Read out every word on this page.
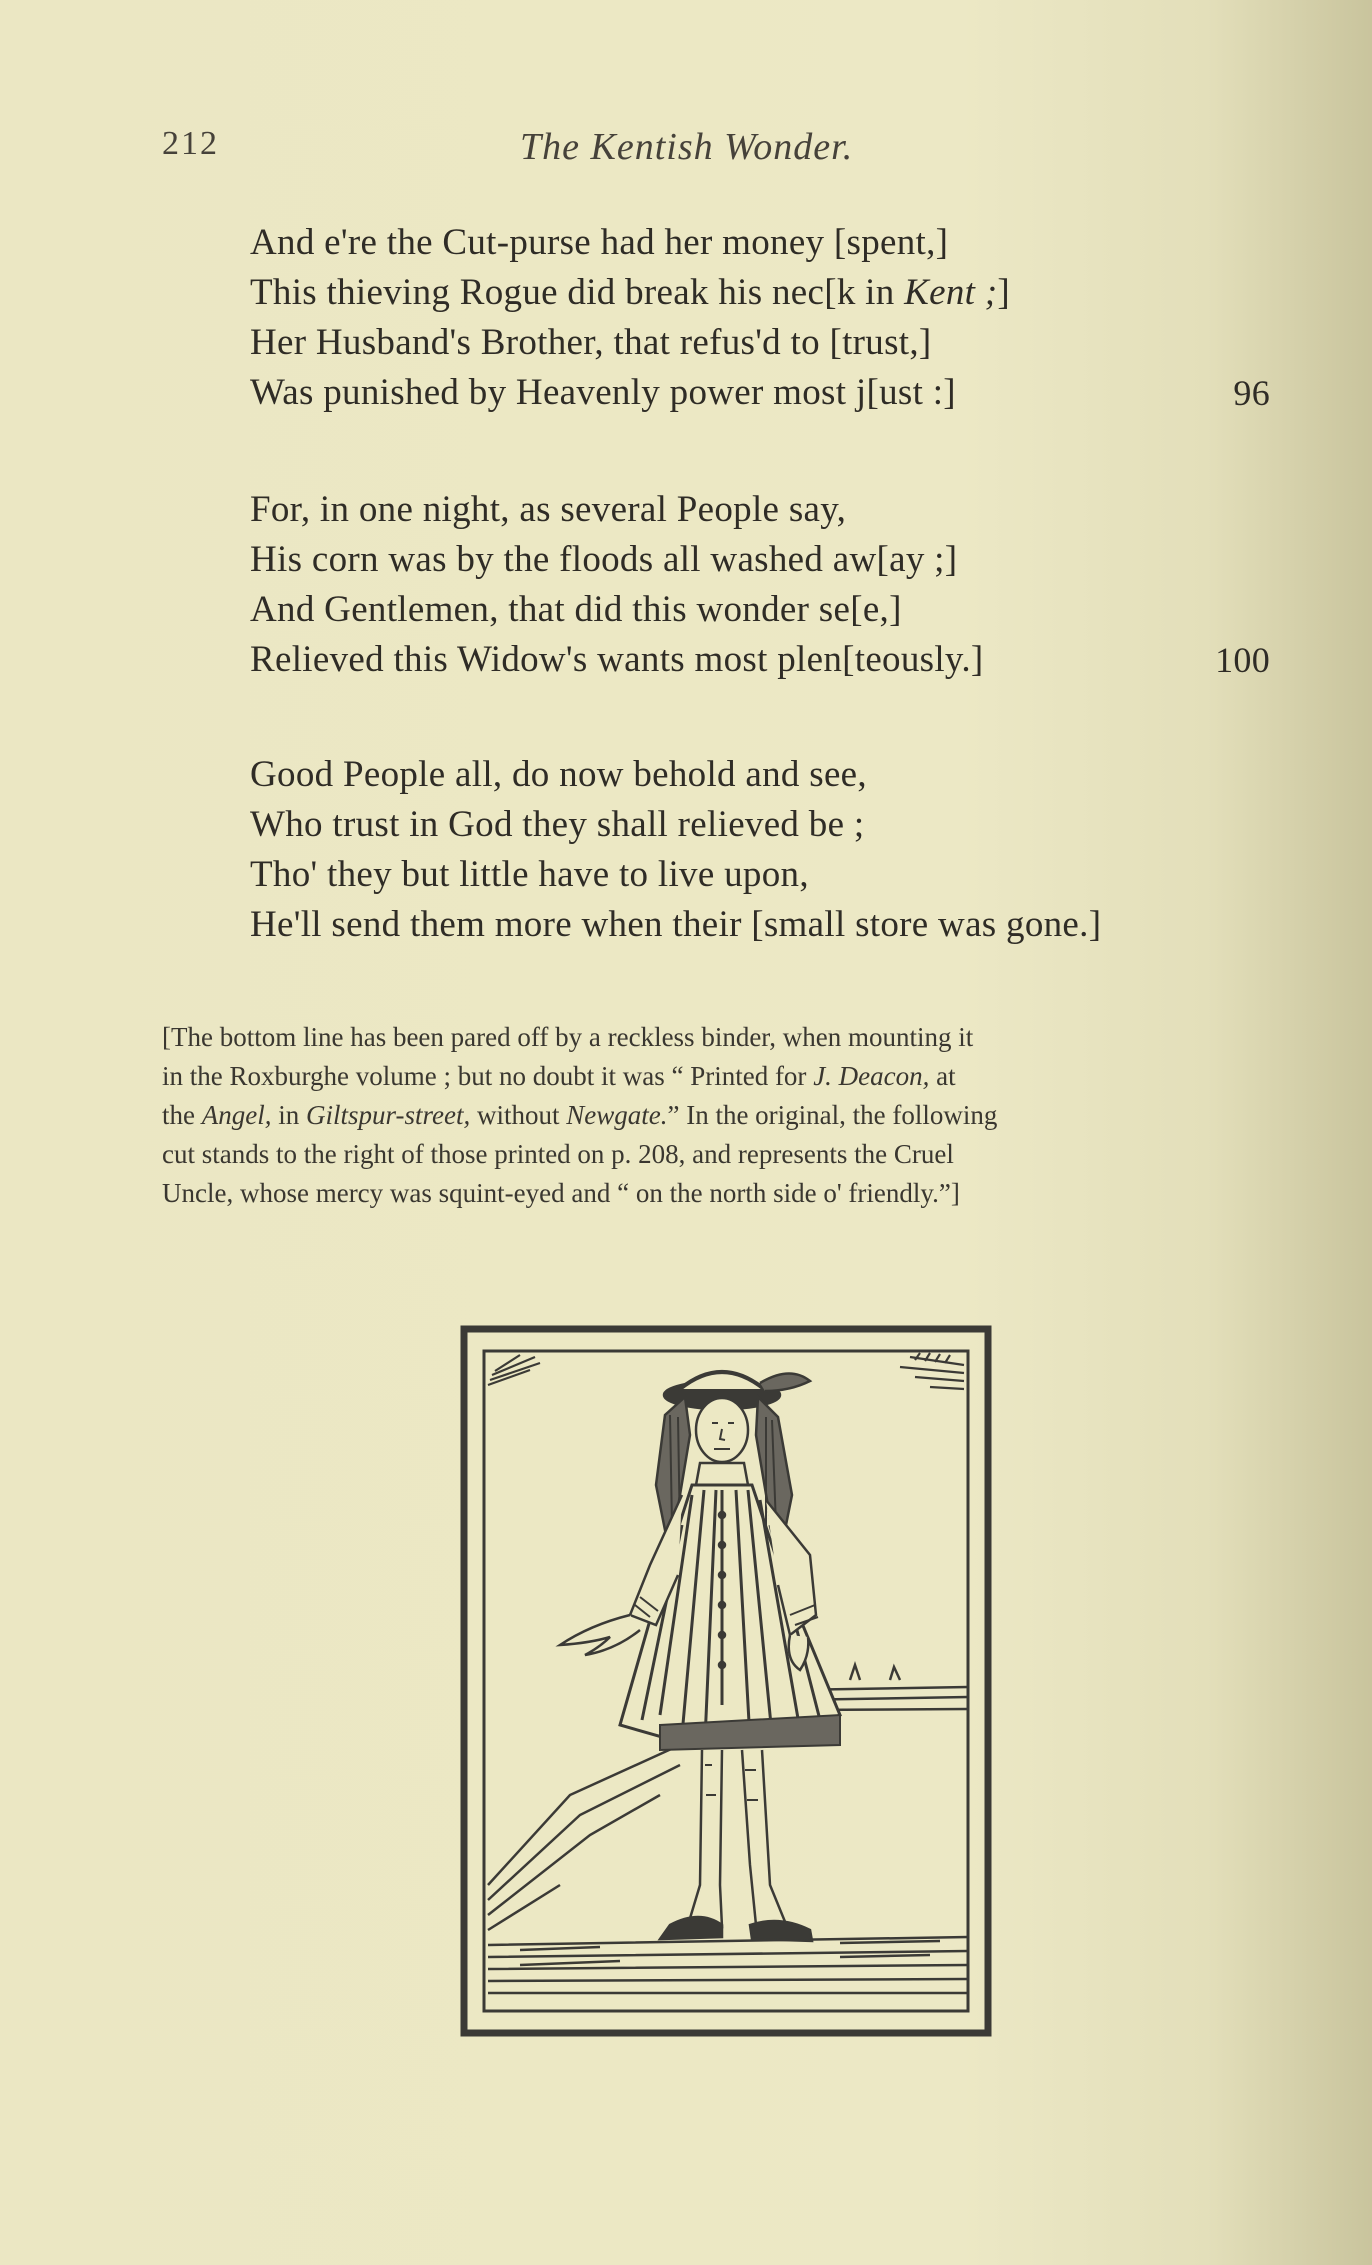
212	The Kentish Wonder.
And e're the Cut-purse had her money [spent,]
This thieving Rogue did break his nec[k in Kent ;]
Her Husband's Brother, that refus'd to [trust,]
Was punished by Heavenly power most j[ust :]	96
For, in one night, as several People say,
His corn was by the floods all washed aw[ay ;]
And Gentlemen, that did this wonder se[e,]
Relieved this Widow's wants most plen[teously.]	100
Good People all, do now behold and see,
Who trust in God they shall relieved be ;
Tho' they but little have to live upon,
He'll send them more when their [small store was gone.]
[The bottom line has been pared off by a reckless binder, when mounting it
in the Roxburghe volume ; but no doubt it was “ Printed for J. Deacon, at
the Angel, in Giltspur-street, without Newgate.” In the original, the following
cut stands to the right of those printed on p. 208, and represents the Cruel
Uncle, whose mercy was squint-eyed and “ on the north side o' friendly.”]
